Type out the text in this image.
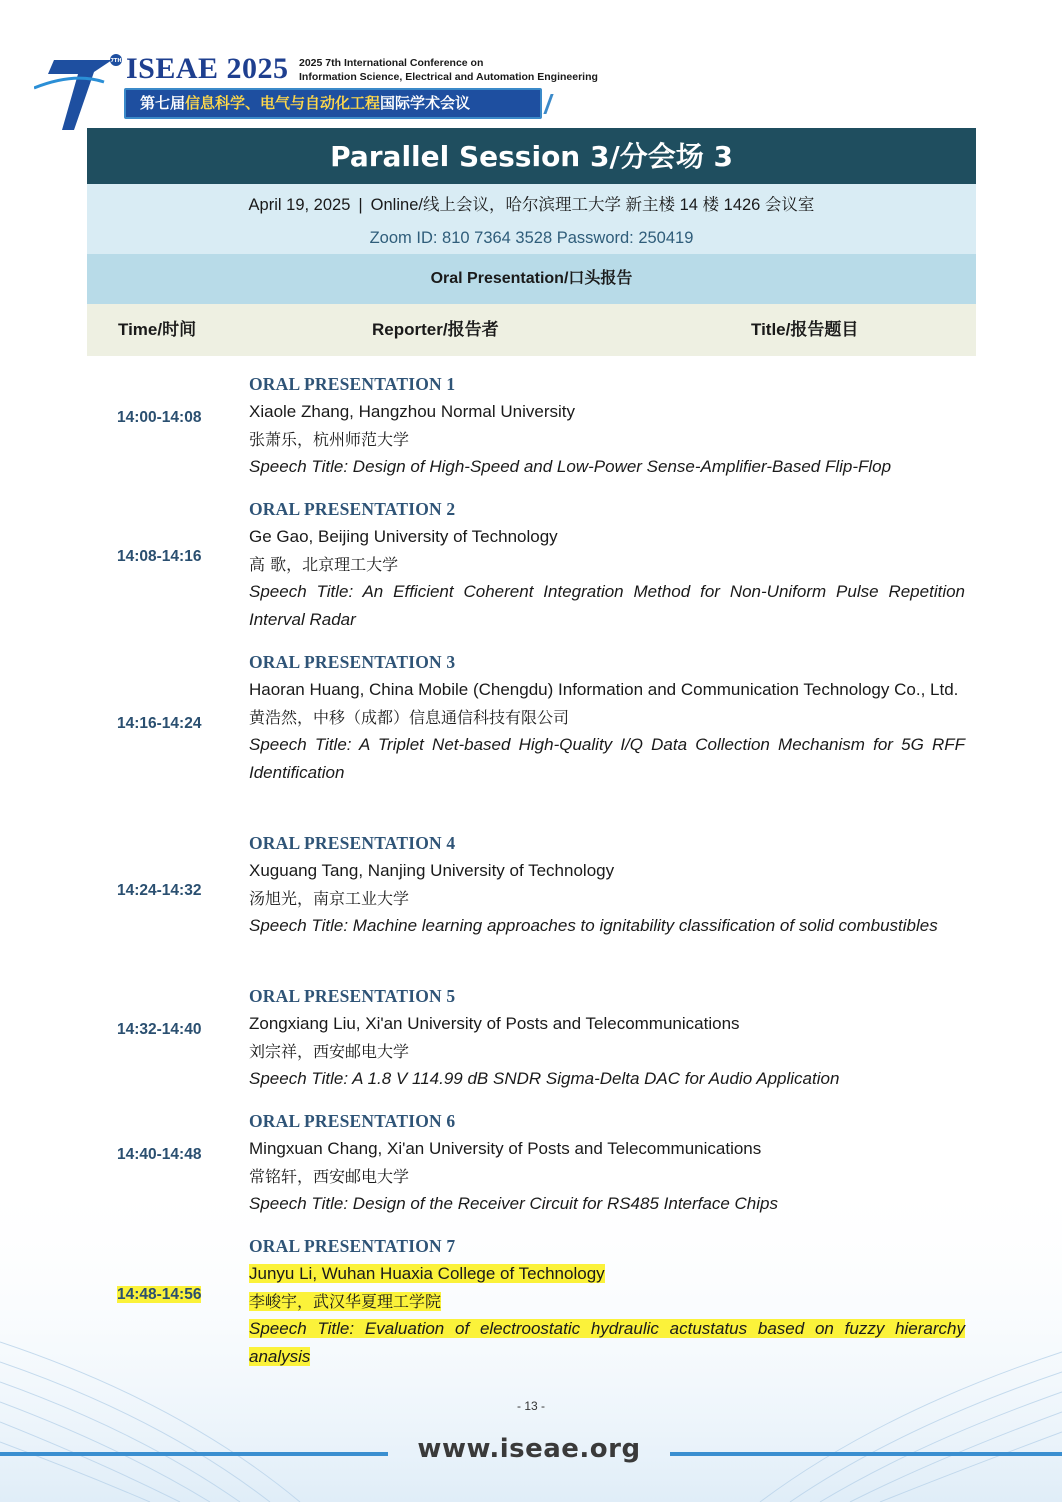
7TH ISEAE 2025 2025 7th International Conference on
Information Science, Electrical and Automation Engineering
第七届信息科学、电气与自动化工程国际学术会议
Parallel Session 3/分会场 3
April 19, 2025 | Online/线上会议，哈尔滨理工大学 新主楼 14 楼 1426 会议室
Zoom ID: 810 7364 3528 Password: 250419
Oral Presentation/口头报告
Time/时间	Reporter/报告者	Title/报告题目
14:00-14:08
ORAL PRESENTATION 1
Xiaole Zhang, Hangzhou Normal University
张萧乐，杭州师范大学
Speech Title: Design of High-Speed and Low-Power Sense-Amplifier-Based Flip-Flop
14:08-14:16
ORAL PRESENTATION 2
Ge Gao, Beijing University of Technology
高 歌，北京理工大学
Speech Title: An Efficient Coherent Integration Method for Non-Uniform Pulse Repetition Interval Radar
14:16-14:24
ORAL PRESENTATION 3
Haoran Huang, China Mobile (Chengdu) Information and Communication Technology Co., Ltd.
黄浩然，中移（成都）信息通信科技有限公司
Speech Title: A Triplet Net-based High-Quality I/Q Data Collection Mechanism for 5G RFF Identification
14:24-14:32
ORAL PRESENTATION 4
Xuguang Tang, Nanjing University of Technology
汤旭光，南京工业大学
Speech Title: Machine learning approaches to ignitability classification of solid combustibles
14:32-14:40
ORAL PRESENTATION 5
Zongxiang Liu, Xi'an University of Posts and Telecommunications
刘宗祥，西安邮电大学
Speech Title: A 1.8 V 114.99 dB SNDR Sigma-Delta DAC for Audio Application
14:40-14:48
ORAL PRESENTATION 6
Mingxuan Chang, Xi'an University of Posts and Telecommunications
常铭轩，西安邮电大学
Speech Title: Design of the Receiver Circuit for RS485 Interface Chips
14:48-14:56
ORAL PRESENTATION 7
Junyu Li, Wuhan Huaxia College of Technology
李峻宇，武汉华夏理工学院
Speech Title: Evaluation of electroostatic hydraulic actustatus based on fuzzy hierarchy analysis
- 13 -
www.iseae.org
